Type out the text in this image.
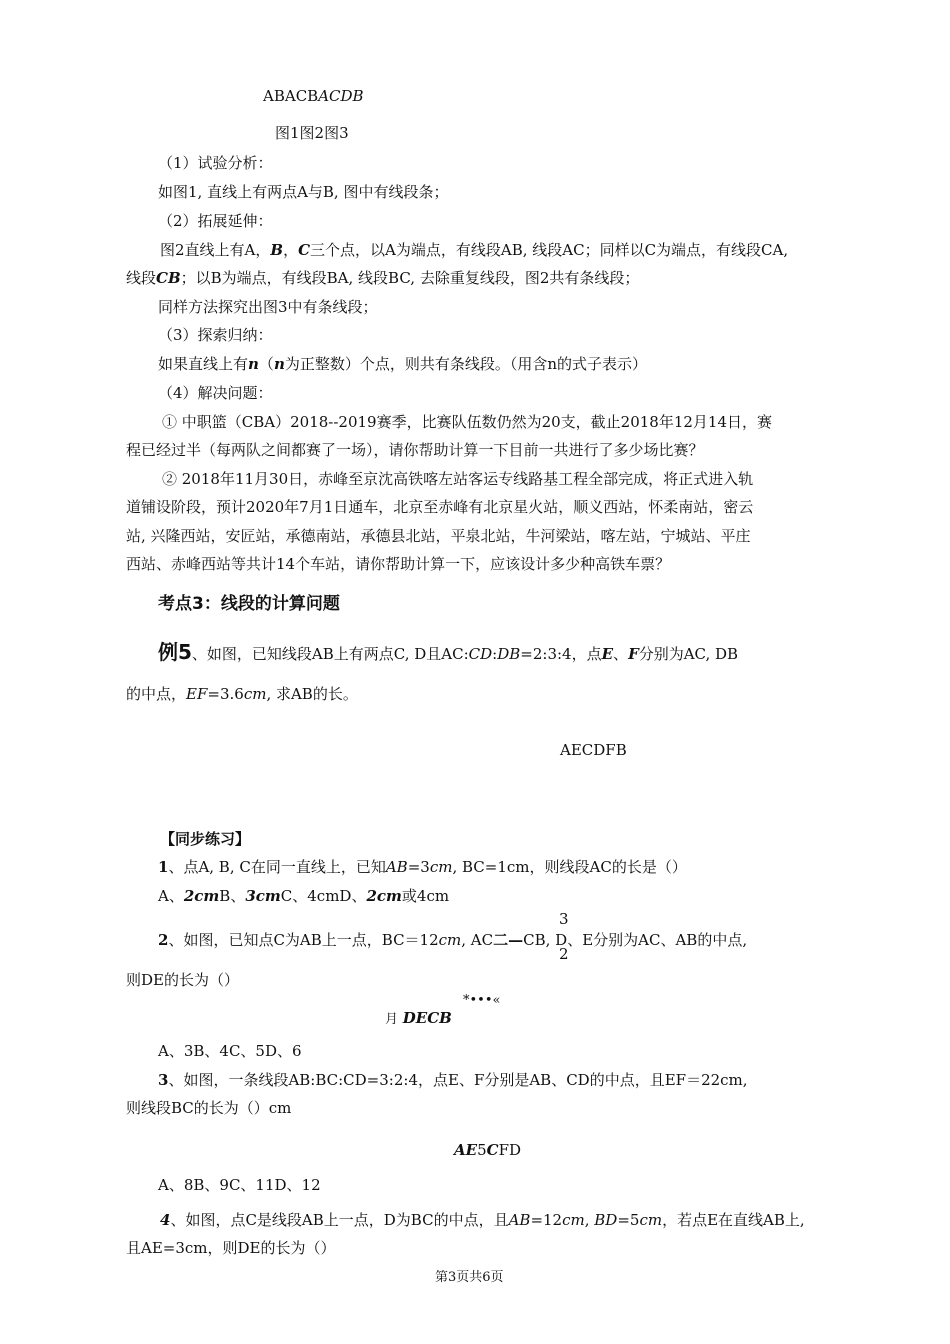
ABACBACDB
图1图2图3
（1）试验分析：
如图1, 直线上有两点A与B, 图中有线段条；
（2）拓展延伸：
图2直线上有A，B，C三个点，以A为端点，有线段AB, 线段AC；同样以C为端点，有线段CA,
线段CB；以B为端点，有线段BA, 线段BC, 去除重复线段，图2共有条线段；
同样方法探究出图3中有条线段；
（3）探索归纳：
如果直线上有n（n为正整数）个点，则共有条线段。（用含n的式子表示）
（4）解决问题：
① 中职篮（CBA）2018--2019赛季，比赛队伍数仍然为20支，截止2018年12月14日，赛
程已经过半（每两队之间都赛了一场），请你帮助计算一下目前一共进行了多少场比赛？
② 2018年11月30日，赤峰至京沈高铁喀左站客运专线路基工程全部完成，将正式进入轨
道铺设阶段，预计2020年7月1日通车，北京至赤峰有北京星火站，顺义西站，怀柔南站，密云
站, 兴隆西站，安匠站，承德南站，承德县北站，平泉北站，牛河梁站，喀左站，宁城站、平庄
西站、赤峰西站等共计14个车站，请你帮助计算一下，应该设计多少种高铁车票？
考点3：线段的计算问题
例5、如图，已知线段AB上有两点C, D且AC:CD:DB=2:3:4，点E、F分别为AC, DB
的中点，EF=3.6cm, 求AB的长。
AECDFB
【同步练习】
1、点A, B, C在同一直线上，已知AB=3cm, BC=1cm，则线段AC的长是（）
A、2cmB、3cmC、4cmD、2cm或4cm
3
2、如图，已知点C为AB上一点，BC＝12cm, AC二—CB, D、E分别为AC、AB的中点,
2
则DE的长为（）
*•••«
月 DECB
A、3B、4C、5D、6
3、如图，一条线段AB:BC:CD=3:2:4，点E、F分别是AB、CD的中点，且EF＝22cm,
则线段BC的长为（）cm
AE5CFD
A、8B、9C、11D、12
4、如图，点C是线段AB上一点，D为BC的中点，且AB=12cm, BD=5cm，若点E在直线AB上,
且AE=3cm，则DE的长为（）
第3页共6页
